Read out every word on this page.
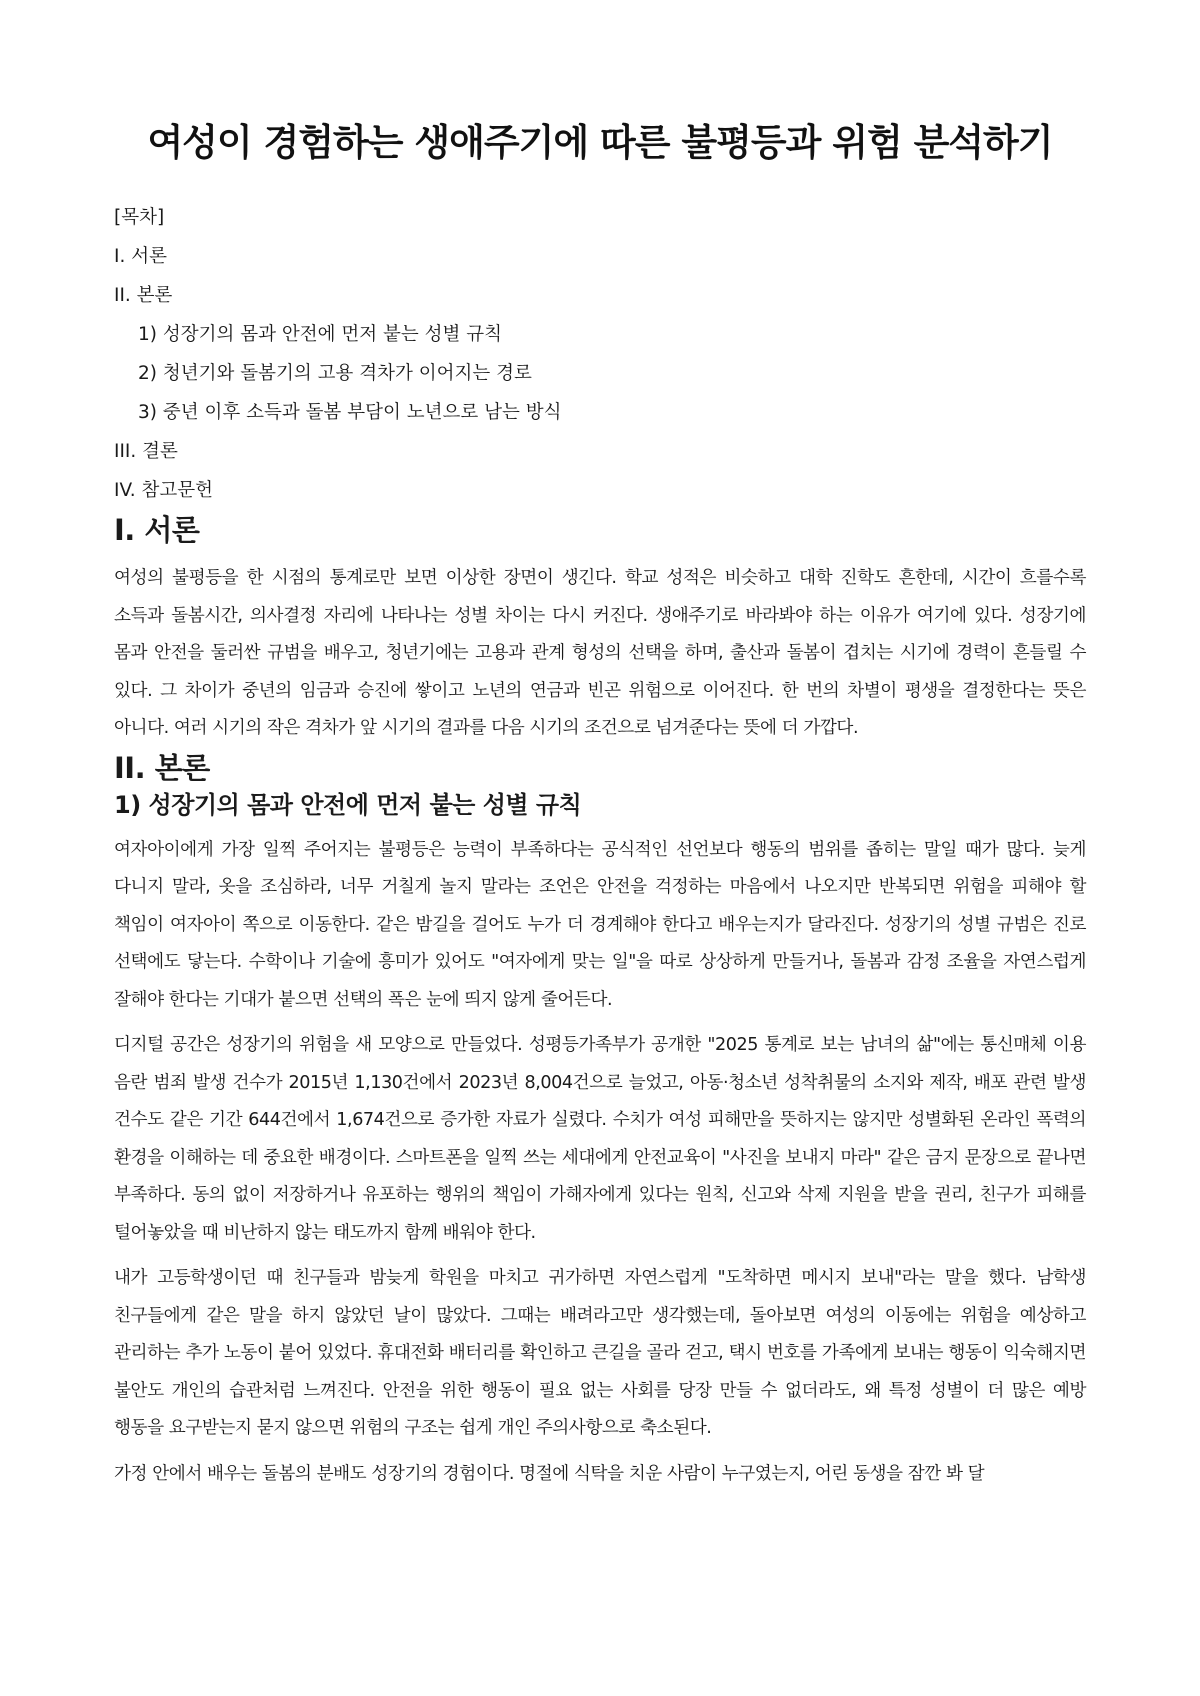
여성이 경험하는 생애주기에 따른 불평등과 위험 분석하기
[목차]
I. 서론
II. 본론
1) 성장기의 몸과 안전에 먼저 붙는 성별 규칙
2) 청년기와 돌봄기의 고용 격차가 이어지는 경로
3) 중년 이후 소득과 돌봄 부담이 노년으로 남는 방식
III. 결론
IV. 참고문헌
I. 서론

여성의 불평등을 한 시점의 통계로만 보면 이상한 장면이 생긴다. 학교 성적은 비슷하고 대학 진학도 흔한데, 시간이 흐를수록 소득과 돌봄시간, 의사결정 자리에 나타나는 성별 차이는 다시 커진다. 생애주기로 바라봐야 하는 이유가 여기에 있다. 성장기에 몸과 안전을 둘러싼 규범을 배우고, 청년기에는 고용과 관계 형성의 선택을 하며, 출산과 돌봄이 겹치는 시기에 경력이 흔들릴 수 있다. 그 차이가 중년의 임금과 승진에 쌓이고 노년의 연금과 빈곤 위험으로 이어진다. 한 번의 차별이 평생을 결정한다는 뜻은 아니다. 여러 시기의 작은 격차가 앞 시기의 결과를 다음 시기의 조건으로 넘겨준다는 뜻에 더 가깝다.

II. 본론
1) 성장기의 몸과 안전에 먼저 붙는 성별 규칙

여자아이에게 가장 일찍 주어지는 불평등은 능력이 부족하다는 공식적인 선언보다 행동의 범위를 좁히는 말일 때가 많다. 늦게 다니지 말라, 옷을 조심하라, 너무 거칠게 놀지 말라는 조언은 안전을 걱정하는 마음에서 나오지만 반복되면 위험을 피해야 할 책임이 여자아이 쪽으로 이동한다. 같은 밤길을 걸어도 누가 더 경계해야 한다고 배우는지가 달라진다. 성장기의 성별 규범은 진로 선택에도 닿는다. 수학이나 기술에 흥미가 있어도 "여자에게 맞는 일"을 따로 상상하게 만들거나, 돌봄과 감정 조율을 자연스럽게 잘해야 한다는 기대가 붙으면 선택의 폭은 눈에 띄지 않게 줄어든다.

디지털 공간은 성장기의 위험을 새 모양으로 만들었다. 성평등가족부가 공개한 "2025 통계로 보는 남녀의 삶"에는 통신매체 이용 음란 범죄 발생 건수가 2015년 1,130건에서 2023년 8,004건으로 늘었고, 아동·청소년 성착취물의 소지와 제작, 배포 관련 발생 건수도 같은 기간 644건에서 1,674건으로 증가한 자료가 실렸다. 수치가 여성 피해만을 뜻하지는 않지만 성별화된 온라인 폭력의 환경을 이해하는 데 중요한 배경이다. 스마트폰을 일찍 쓰는 세대에게 안전교육이 "사진을 보내지 마라" 같은 금지 문장으로 끝나면 부족하다. 동의 없이 저장하거나 유포하는 행위의 책임이 가해자에게 있다는 원칙, 신고와 삭제 지원을 받을 권리, 친구가 피해를 털어놓았을 때 비난하지 않는 태도까지 함께 배워야 한다.

내가 고등학생이던 때 친구들과 밤늦게 학원을 마치고 귀가하면 자연스럽게 "도착하면 메시지 보내"라는 말을 했다. 남학생 친구들에게 같은 말을 하지 않았던 날이 많았다. 그때는 배려라고만 생각했는데, 돌아보면 여성의 이동에는 위험을 예상하고 관리하는 추가 노동이 붙어 있었다. 휴대전화 배터리를 확인하고 큰길을 골라 걷고, 택시 번호를 가족에게 보내는 행동이 익숙해지면 불안도 개인의 습관처럼 느껴진다. 안전을 위한 행동이 필요 없는 사회를 당장 만들 수 없더라도, 왜 특정 성별이 더 많은 예방 행동을 요구받는지 묻지 않으면 위험의 구조는 쉽게 개인 주의사항으로 축소된다.

가정 안에서 배우는 돌봄의 분배도 성장기의 경험이다. 명절에 식탁을 치운 사람이 누구였는지, 어린 동생을 잠깐 봐 달
